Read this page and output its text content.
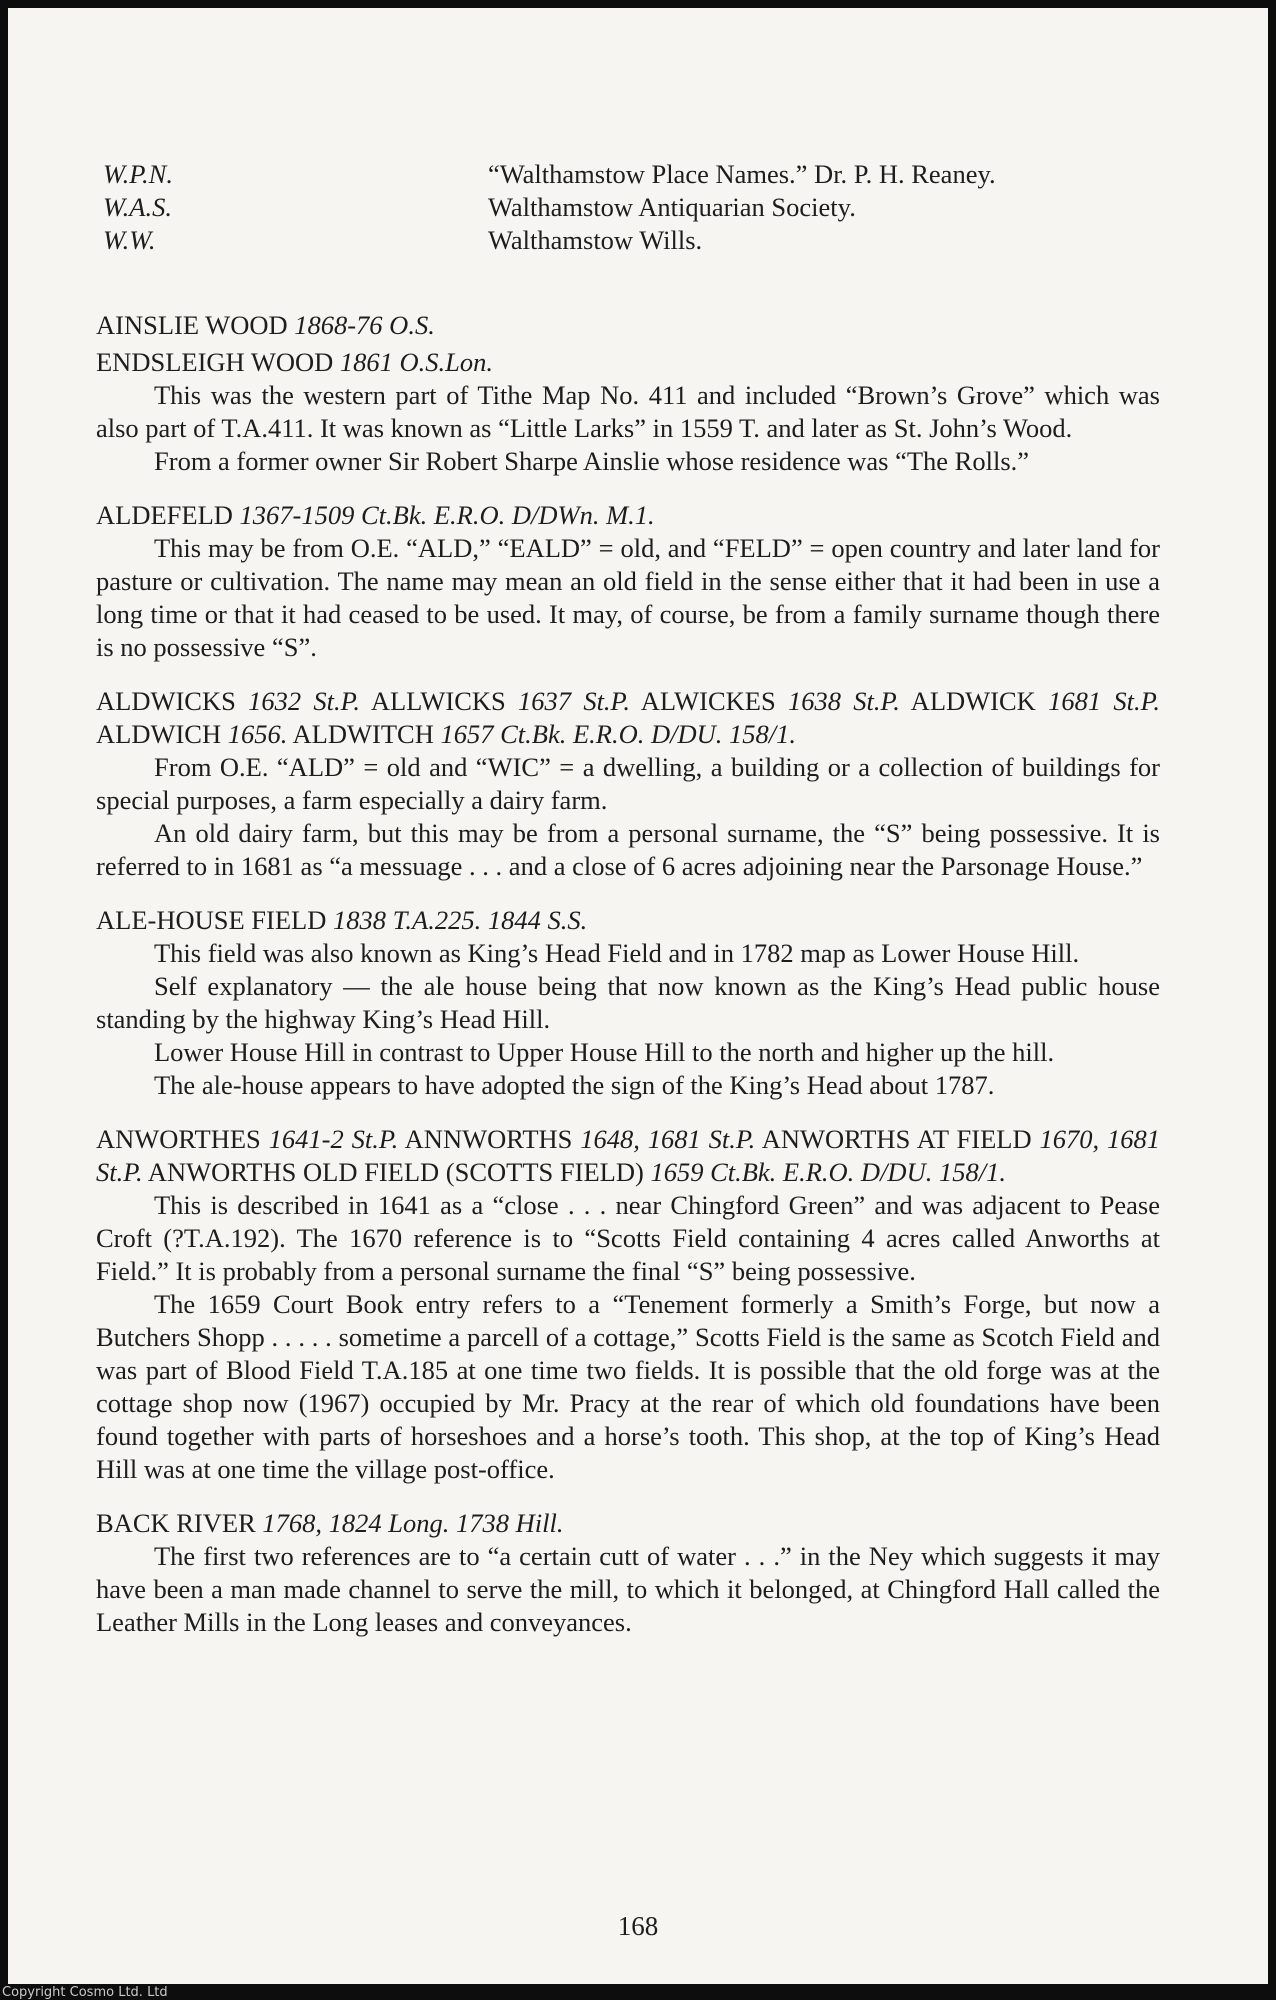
W.P.N.	“Walthamstow Place Names.” Dr. P. H. Reaney.
W.A.S.	Walthamstow Antiquarian Society.
W.W.	Walthamstow Wills.
AINSLIE WOOD 1868-76 O.S.
ENDSLEIGH WOOD 1861 O.S.Lon.
This was the western part of Tithe Map No. 411 and included “Brown’s Grove” which was also part of T.A.411. It was known as “Little Larks” in 1559 T. and later as St. John’s Wood.
From a former owner Sir Robert Sharpe Ainslie whose residence was “The Rolls.”
ALDEFELD 1367-1509 Ct.Bk. E.R.O. D/DWn. M.1.
This may be from O.E. “ALD,” “EALD” = old, and “FELD” = open country and later land for pasture or cultivation. The name may mean an old field in the sense either that it had been in use a long time or that it had ceased to be used. It may, of course, be from a family surname though there is no possessive “S”.
ALDWICKS 1632 St.P. ALLWICKS 1637 St.P. ALWICKES 1638 St.P. ALDWICK 1681 St.P. ALDWICH 1656. ALDWITCH 1657 Ct.Bk. E.R.O. D/DU. 158/1.
From O.E. “ALD” = old and “WIC” = a dwelling, a building or a collection of buildings for special purposes, a farm especially a dairy farm.
An old dairy farm, but this may be from a personal surname, the “S” being possessive. It is referred to in 1681 as “a messuage . . . and a close of 6 acres adjoining near the Parsonage House.”
ALE-HOUSE FIELD 1838 T.A.225. 1844 S.S.
This field was also known as King’s Head Field and in 1782 map as Lower House Hill.
Self explanatory — the ale house being that now known as the King’s Head public house standing by the highway King’s Head Hill.
Lower House Hill in contrast to Upper House Hill to the north and higher up the hill.
The ale-house appears to have adopted the sign of the King’s Head about 1787.
ANWORTHES 1641-2 St.P. ANNWORTHS 1648, 1681 St.P. ANWORTHS AT FIELD 1670, 1681 St.P. ANWORTHS OLD FIELD (SCOTTS FIELD) 1659 Ct.Bk. E.R.O. D/DU. 158/1.
This is described in 1641 as a “close . . . near Chingford Green” and was adjacent to Pease Croft (?T.A.192). The 1670 reference is to “Scotts Field containing 4 acres called Anworths at Field.” It is probably from a personal surname the final “S” being possessive.
The 1659 Court Book entry refers to a “Tenement formerly a Smith’s Forge, but now a Butchers Shopp . . . . . sometime a parcell of a cottage,” Scotts Field is the same as Scotch Field and was part of Blood Field T.A.185 at one time two fields. It is possible that the old forge was at the cottage shop now (1967) occupied by Mr. Pracy at the rear of which old foundations have been found together with parts of horseshoes and a horse’s tooth. This shop, at the top of King’s Head Hill was at one time the village post-office.
BACK RIVER 1768, 1824 Long. 1738 Hill.
The first two references are to “a certain cutt of water . . .” in the Ney which suggests it may have been a man made channel to serve the mill, to which it belonged, at Chingford Hall called the Leather Mills in the Long leases and conveyances.
168
Copyright Cosmo Ltd. Ltd
